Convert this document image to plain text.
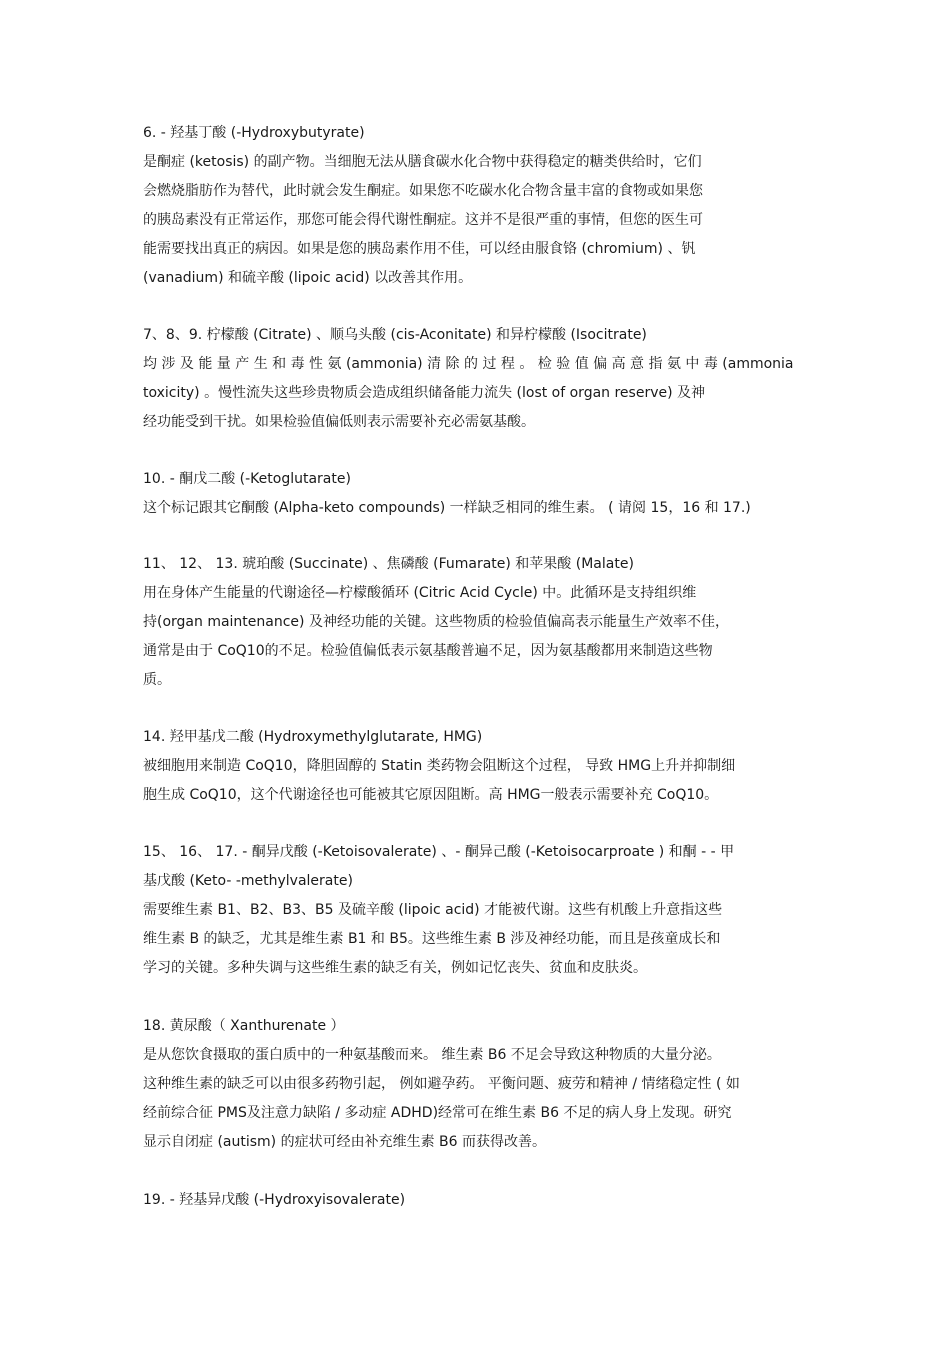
6. - 羟基丁酸 (-Hydroxybutyrate)
是酮症 (ketosis) 的副产物。当细胞无法从膳食碳水化合物中获得稳定的糖类供给时，它们
会燃烧脂肪作为替代，此时就会发生酮症。如果您不吃碳水化合物含量丰富的食物或如果您
的胰岛素没有正常运作，那您可能会得代谢性酮症。这并不是很严重的事情，但您的医生可
能需要找出真正的病因。如果是您的胰岛素作用不佳，可以经由服食铬 (chromium) 、钒
(vanadium) 和硫辛酸 (lipoic acid) 以改善其作用。
7、8、9. 柠檬酸 (Citrate) 、顺乌头酸 (cis-Aconitate) 和异柠檬酸 (Isocitrate)
均 涉 及 能 量 产 生 和 毒 性 氨 (ammonia) 清 除 的 过 程 。 检 验 值 偏 高 意 指 氨 中 毒 (ammonia
toxicity) 。慢性流失这些珍贵物质会造成组织储备能力流失 (lost of organ reserve) 及神
经功能受到干扰。如果检验值偏低则表示需要补充必需氨基酸。
10. - 酮戊二酸 (-Ketoglutarate)
这个标记跟其它酮酸 (Alpha-keto compounds) 一样缺乏相同的维生素。 ( 请阅 15，16 和 17.)
11、 12、 13. 琥珀酸 (Succinate) 、焦磷酸 (Fumarate) 和苹果酸 (Malate)
用在身体产生能量的代谢途径—柠檬酸循环 (Citric Acid Cycle) 中。此循环是支持组织维
持(organ maintenance) 及神经功能的关键。这些物质的检验值偏高表示能量生产效率不佳，
通常是由于 CoQ10的不足。检验值偏低表示氨基酸普遍不足，因为氨基酸都用来制造这些物
质。
14. 羟甲基戊二酸 (Hydroxymethylglutarate, HMG)
被细胞用来制造 CoQ10，降胆固醇的 Statin 类药物会阻断这个过程， 导致 HMG上升并抑制细
胞生成 CoQ10，这个代谢途径也可能被其它原因阻断。高 HMG一般表示需要补充 CoQ10。
15、 16、 17. - 酮异戊酸 (-Ketoisovalerate) 、- 酮异己酸 (-Ketoisocarproate ) 和酮 - - 甲
基戊酸 (Keto- -methylvalerate)
需要维生素 B1、B2、B3、B5 及硫辛酸 (lipoic acid) 才能被代谢。这些有机酸上升意指这些
维生素 B 的缺乏，尤其是维生素 B1 和 B5。这些维生素 B 涉及神经功能，而且是孩童成长和
学习的关键。多种失调与这些维生素的缺乏有关，例如记忆丧失、贫血和皮肤炎。
18. 黄尿酸（ Xanthurenate ）
是从您饮食摄取的蛋白质中的一种氨基酸而来。 维生素 B6 不足会导致这种物质的大量分泌。
这种维生素的缺乏可以由很多药物引起， 例如避孕药。 平衡问题、疲劳和精神 / 情绪稳定性 ( 如
经前综合征 PMS及注意力缺陷 / 多动症 ADHD)经常可在维生素 B6 不足的病人身上发现。研究
显示自闭症 (autism) 的症状可经由补充维生素 B6 而获得改善。
19. - 羟基异戊酸 (-Hydroxyisovalerate)
